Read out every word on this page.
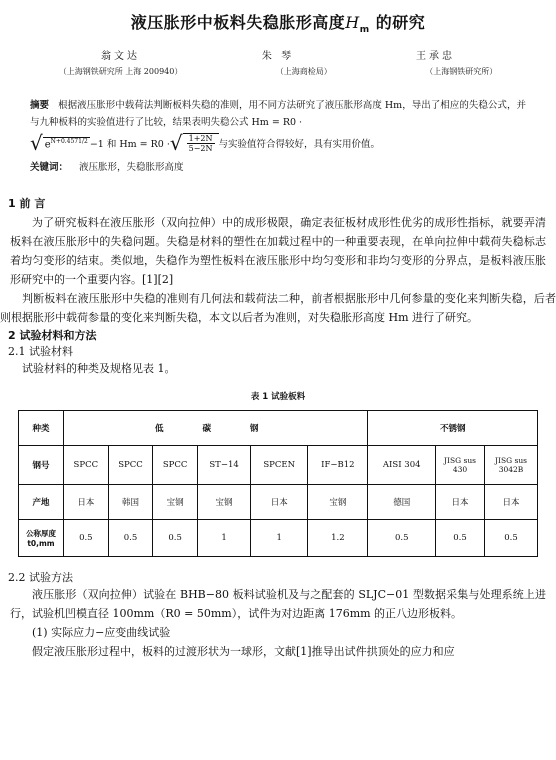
液压胀形中板料失稳胀形高度$H_m$ 的研究
翁文达	朱 琴	王承忠
（上海钢铁研究所 上海 200940）	（上海商检局）	（上海钢铁研究所）
摘要 根据液压胀形中载荷法判断板料失稳的准则，用不同方法研究了液压胀形高度 Hm，导出了相应的失稳公式，并与九种板料的实验值进行了比较，结果表明失稳公式 Hm = R0 ·
√ $e^{N+0.4571/2} -1$ 和 Hm = R0 · √ $\frac{1+2N}{5-2N}$ 与实验值符合得较好，具有实用价值。
关键词： 液压胀形，失稳胀形高度
1 前 言

为了研究板料在液压胀形（双向拉伸）中的成形极限，确定表征板材成形性优劣的成形性指标，就要弄清板料在液压胀形中的失稳问题。失稳是材料的塑性在加载过程中的一种重要表现，在单向拉伸中载荷失稳标志着均匀变形的结束。类似地，失稳作为塑性板料在液压胀形中均匀变形和非均匀变形的分界点，是板料液压胀形研究中的一个重要内容。[1][2]

判断板料在液压胀形中失稳的准则有几何法和载荷法二种，前者根据胀形中几何参量的变化来判断失稳，后者则根据胀形中载荷参量的变化来判断失稳，本文以后者为准则，对失稳胀形高度 Hm 进行了研究。

2 试验材料和方法
2.1 试验材料

试验材料的种类及规格见表 1。

表 1 试验板料
种类	低 碳 钢						不锈钢		
钢号	SPCC	SPCC	SPCC	ST−14	SPCEN	IF−B12	AISI 304	JISG sus 430	JISG sus 3042B
产地	日本	韩国	宝钢	宝钢	日本	宝钢	德国	日本	日本
公称厚度 t0,mm	0.5	0.5	0.5	1	1	1.2	0.5	0.5	0.5
2.2 试验方法

液压胀形（双向拉伸）试验在 BHB−80 板料试验机及与之配套的 SLJC−01 型数据采集与处理系统上进行，试验机凹模直径 100mm（R0 = 50mm），试件为对边距离 176mm 的正八边形板料。

(1) 实际应力−应变曲线试验

假定液压胀形过程中，板料的过渡形状为一球形，文献[1]推导出试件拱顶处的应力和应
